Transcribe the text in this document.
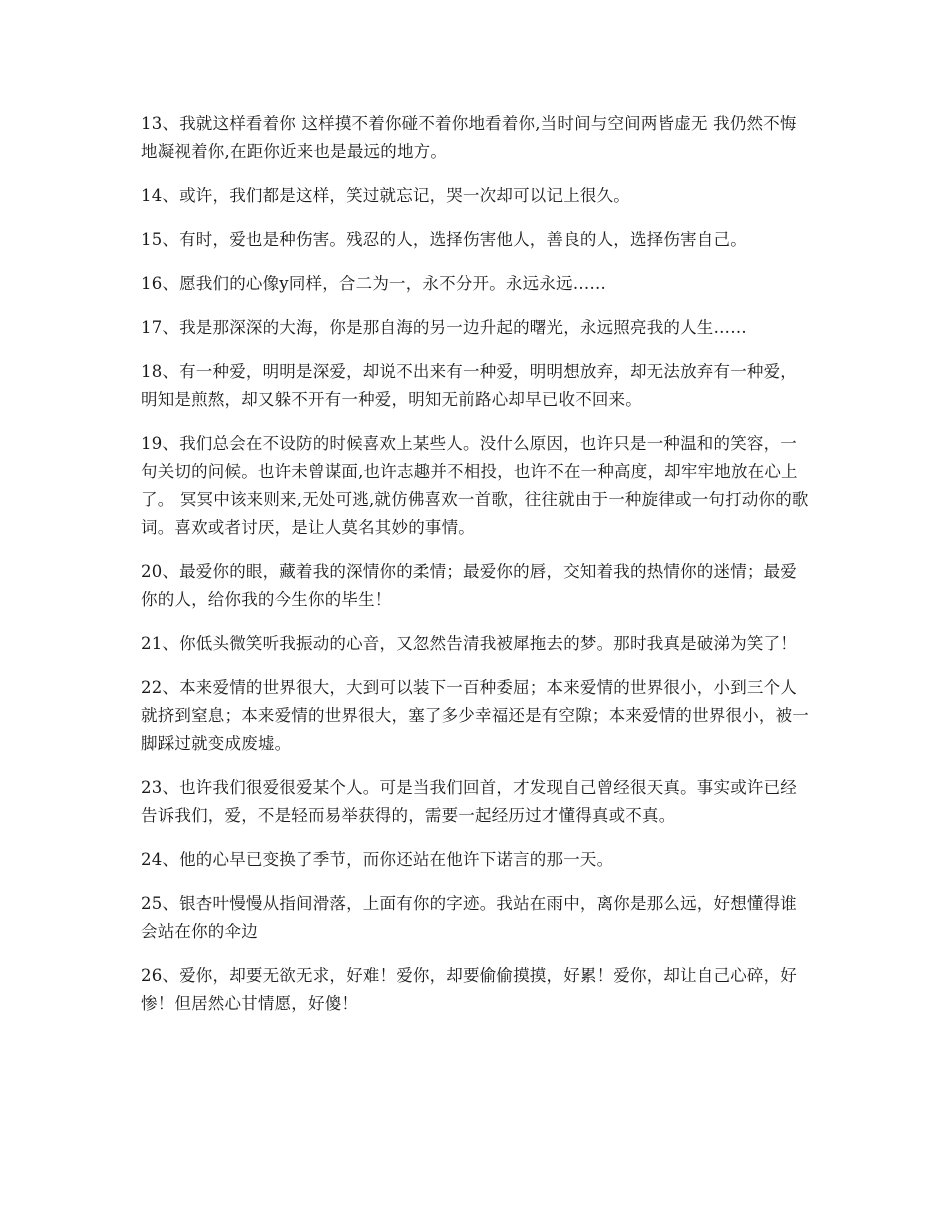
13、我就这样看着你 这样摸不着你碰不着你地看着你,当时间与空间两皆虚无 我仍然不悔地凝视着你,在距你近来也是最远的地方。

14、或许，我们都是这样，笑过就忘记，哭一次却可以记上很久。

15、有时，爱也是种伤害。残忍的人，选择伤害他人，善良的人，选择伤害自己。

16、愿我们的心像y同样，合二为一，永不分开。永远永远……

17、我是那深深的大海，你是那自海的另一边升起的曙光，永远照亮我的人生……

18、有一种爱，明明是深爱，却说不出来有一种爱，明明想放弃，却无法放弃有一种爱，明知是煎熬，却又躲不开有一种爱，明知无前路心却早已收不回来。

19、我们总会在不设防的时候喜欢上某些人。没什么原因，也许只是一种温和的笑容，一句关切的问候。也许未曾谋面,也许志趣并不相投，也许不在一种高度，却牢牢地放在心上了。 冥冥中该来则来,无处可逃,就仿佛喜欢一首歌，往往就由于一种旋律或一句打动你的歌词。喜欢或者讨厌，是让人莫名其妙的事情。

20、最爱你的眼，藏着我的深情你的柔情；最爱你的唇，交知着我的热情你的迷情；最爱你的人，给你我的今生你的毕生！

21、你低头微笑听我振动的心音，又忽然告清我被犀拖去的梦。那时我真是破涕为笑了！

22、本来爱情的世界很大，大到可以装下一百种委屈；本来爱情的世界很小，小到三个人就挤到窒息；本来爱情的世界很大，塞了多少幸福还是有空隙；本来爱情的世界很小，被一脚踩过就变成废墟。

23、也许我们很爱很爱某个人。可是当我们回首，才发现自己曾经很天真。事实或许已经告诉我们，爱，不是轻而易举获得的，需要一起经历过才懂得真或不真。

24、他的心早已变换了季节，而你还站在他许下诺言的那一天。

25、银杏叶慢慢从指间滑落，上面有你的字迹。我站在雨中，离你是那么远，好想懂得谁会站在你的伞边

26、爱你，却要无欲无求，好难！爱你，却要偷偷摸摸，好累！爱你，却让自己心碎，好惨！但居然心甘情愿，好傻！
